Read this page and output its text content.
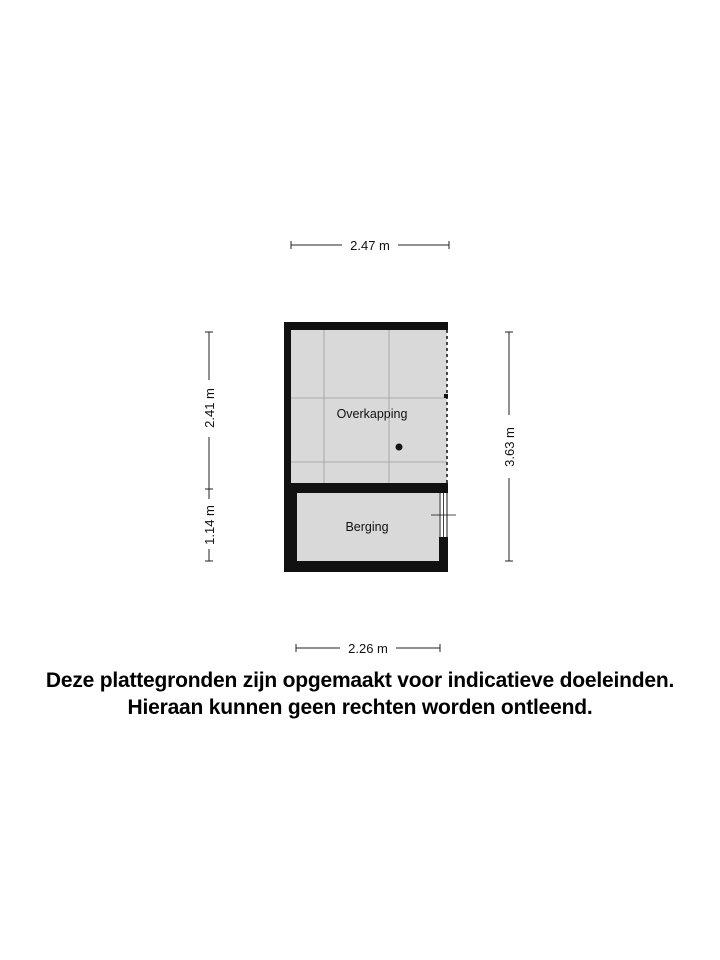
2.47 m
2.41 m
1.14 m
3.63 m
2.26 m
Overkapping
Berging
Deze plattegronden zijn opgemaakt voor indicatieve doeleinden.
Hieraan kunnen geen rechten worden ontleend.
